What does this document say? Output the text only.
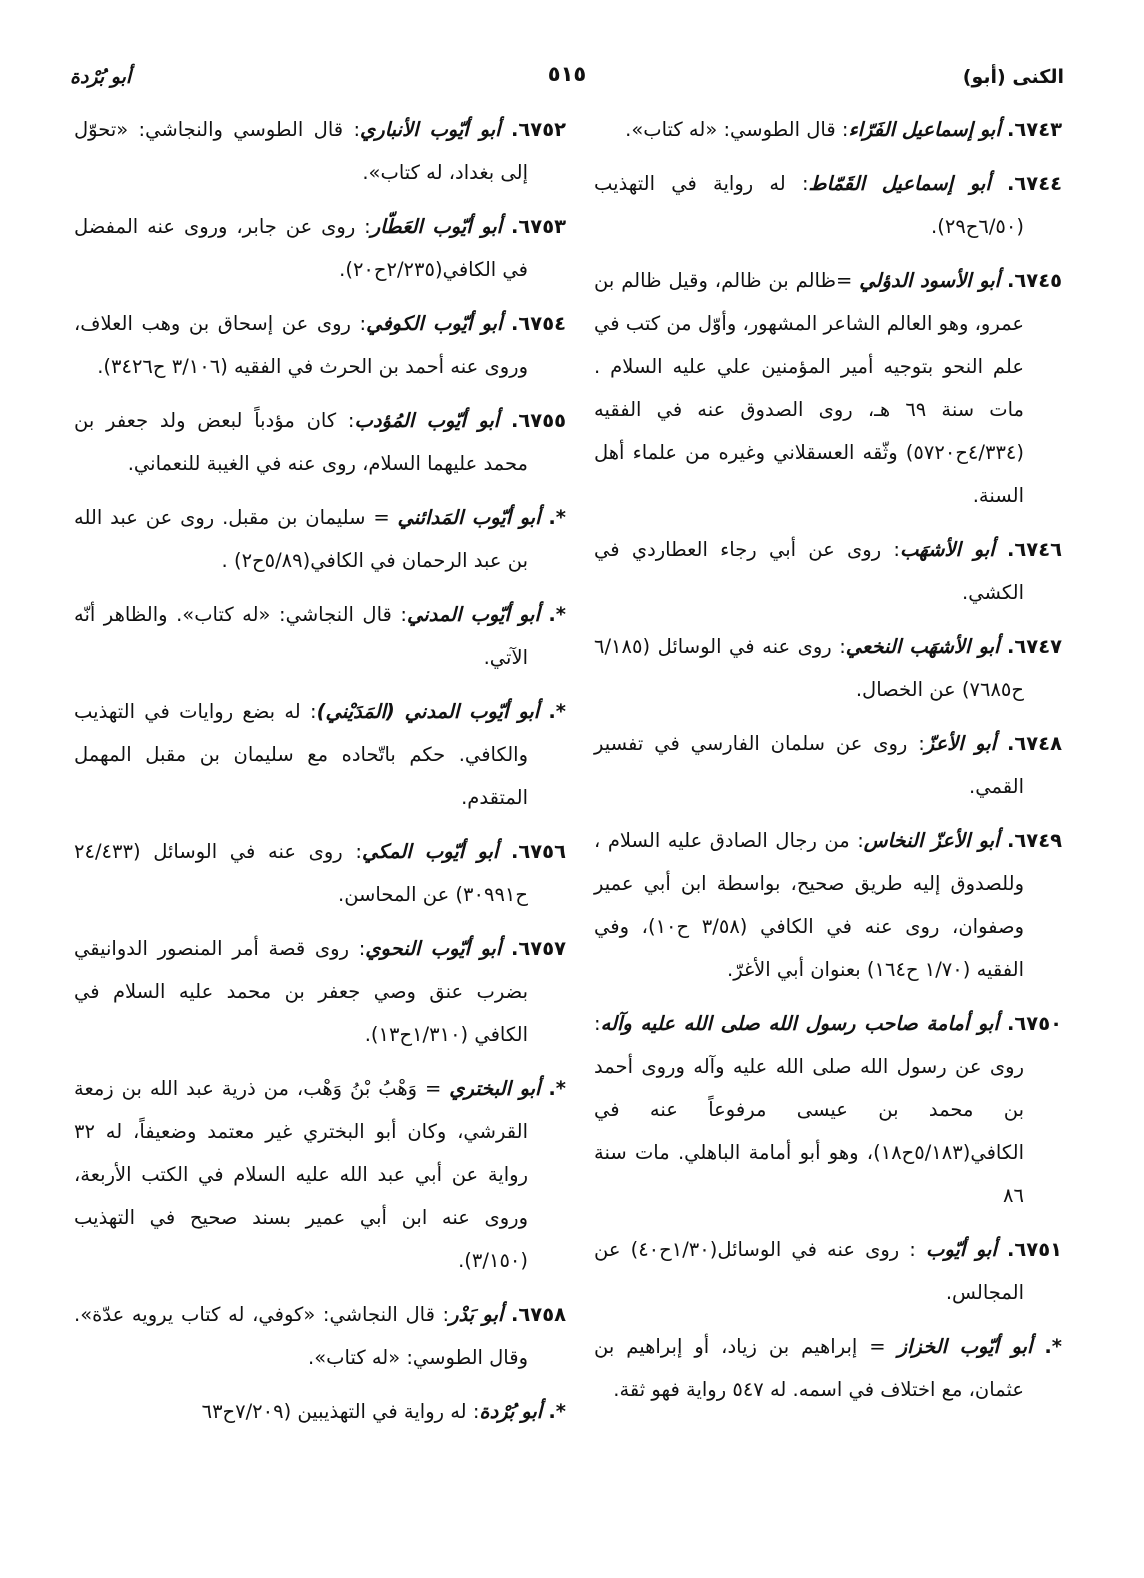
الكنى (أبو)
٥١٥
أبو بُرْدة
٦٧٤٣. أبو إسماعيل الفَرّاء: قال الطوسي: «له كتاب».
٦٧٤٤. أبو إسماعيل القَمّاط: له رواية في التهذيب (٦/٥٠ح٢٩).
٦٧٤٥. أبو الأسود الدؤلي =ظالم بن ظالم، وقيل ظالم بن عمرو، وهو العالم الشاعر المشهور، وأوّل من كتب في علم النحو بتوجيه أمير المؤمنين علي عليه السلام . مات سنة ٦٩ هـ، روى الصدوق عنه في الفقيه (٤/٣٣٤ح٥٧٢٠) وثّقه العسقلاني وغيره من علماء أهل السنة.
٦٧٤٦. أبو الأشهَب: روى عن أبي رجاء العطاردي في الكشي.
٦٧٤٧. أبو الأشهَب النخعي: روى عنه في الوسائل (٦/١٨٥ ح٧٦٨٥) عن الخصال.
٦٧٤٨. أبو الأعزّ: روى عن سلمان الفارسي في تفسير القمي.
٦٧٤٩. أبو الأعزّ النخاس: من رجال الصادق عليه السلام ، وللصدوق إليه طريق صحيح، بواسطة ابن أبي عمير وصفوان، روى عنه في الكافي (٣/٥٨ ح١٠)، وفي الفقيه (١/٧٠ ح١٦٤) بعنوان أبي الأغرّ.
٦٧٥٠. أبو أمامة صاحب رسول الله صلى الله عليه وآله: روى عن رسول الله صلى الله عليه وآله وروى أحمد بن محمد بن عيسى مرفوعاً عنه في الكافي(٥/١٨٣ح١٨)، وهو أبو أمامة الباهلي. مات سنة ٨٦
٦٧٥١. أبو أيّوب : روى عنه في الوسائل(١/٣٠ح٤٠) عن المجالس.
*. أبو أيّوب الخزاز = إبراهيم بن زياد، أو إبراهيم بن عثمان، مع اختلاف في اسمه. له ٥٤٧ رواية فهو ثقة.
٦٧٥٢. أبو أيّوب الأنباري: قال الطوسي والنجاشي: «تحوّل إلى بغداد، له كتاب».
٦٧٥٣. أبو أيّوب العَطّار: روى عن جابر، وروى عنه المفضل في الكافي(٢/٢٣٥ح٢٠).
٦٧٥٤. أبو أيّوب الكوفي: روى عن إسحاق بن وهب العلاف، وروى عنه أحمد بن الحرث في الفقيه (٣/١٠٦ ح٣٤٢٦).
٦٧٥٥. أبو أيّوب المُؤدب: كان مؤدباً لبعض ولد جعفر بن محمد عليهما السلام، روى عنه في الغيبة للنعماني.
*. أبو أيّوب المَدائني = سليمان بن مقبل. روى عن عبد الله بن عبد الرحمان في الكافي(٥/٨٩ح٢) .
*. أبو أيّوب المدني: قال النجاشي: «له كتاب». والظاهر أنّه الآتي.
*. أبو أيّوب المدني (المَدَيْني): له بضع روايات في التهذيب والكافي. حكم باتّحاده مع سليمان بن مقبل المهمل المتقدم.
٦٧٥٦. أبو أيّوب المكي: روى عنه في الوسائل (٢٤/٤٣٣ ح٣٠٩٩١) عن المحاسن.
٦٧٥٧. أبو أيّوب النحوي: روى قصة أمر المنصور الدوانيقي بضرب عنق وصي جعفر بن محمد عليه السلام في الكافي (١/٣١٠ح١٣).
*. أبو البختري = وَهْبُ بْنُ وَهْب، من ذرية عبد الله بن زمعة القرشي، وكان أبو البختري غير معتمد وضعيفاً، له ٣٢ رواية عن أبي عبد الله عليه السلام في الكتب الأربعة، وروى عنه ابن أبي عمير بسند صحيح في التهذيب (٣/١٥٠).
٦٧٥٨. أبو بَدْر: قال النجاشي: «كوفي، له كتاب يرويه عدّة». وقال الطوسي: «له كتاب».
*. أبو بُرْدة: له رواية في التهذيبين (٧/٢٠٩ح٦٣
